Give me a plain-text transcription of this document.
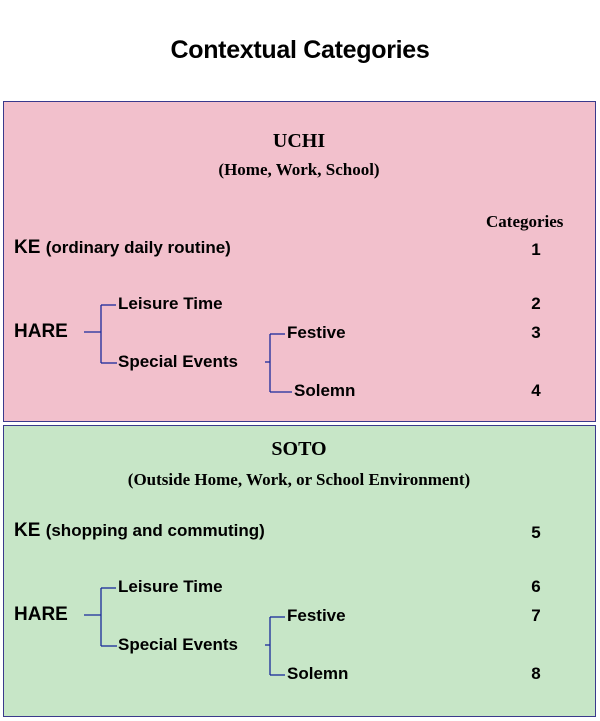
Contextual Categories
UCHI
(Home, Work, School)
Categories
KE (ordinary daily routine)	1
HARE
Leisure Time	2
Special Events
Festive	3
Solemn	4
SOTO
(Outside Home, Work, or School Environment)
KE (shopping and commuting)	5
HARE
Leisure Time	6
Special Events
Festive	7
Solemn	8
